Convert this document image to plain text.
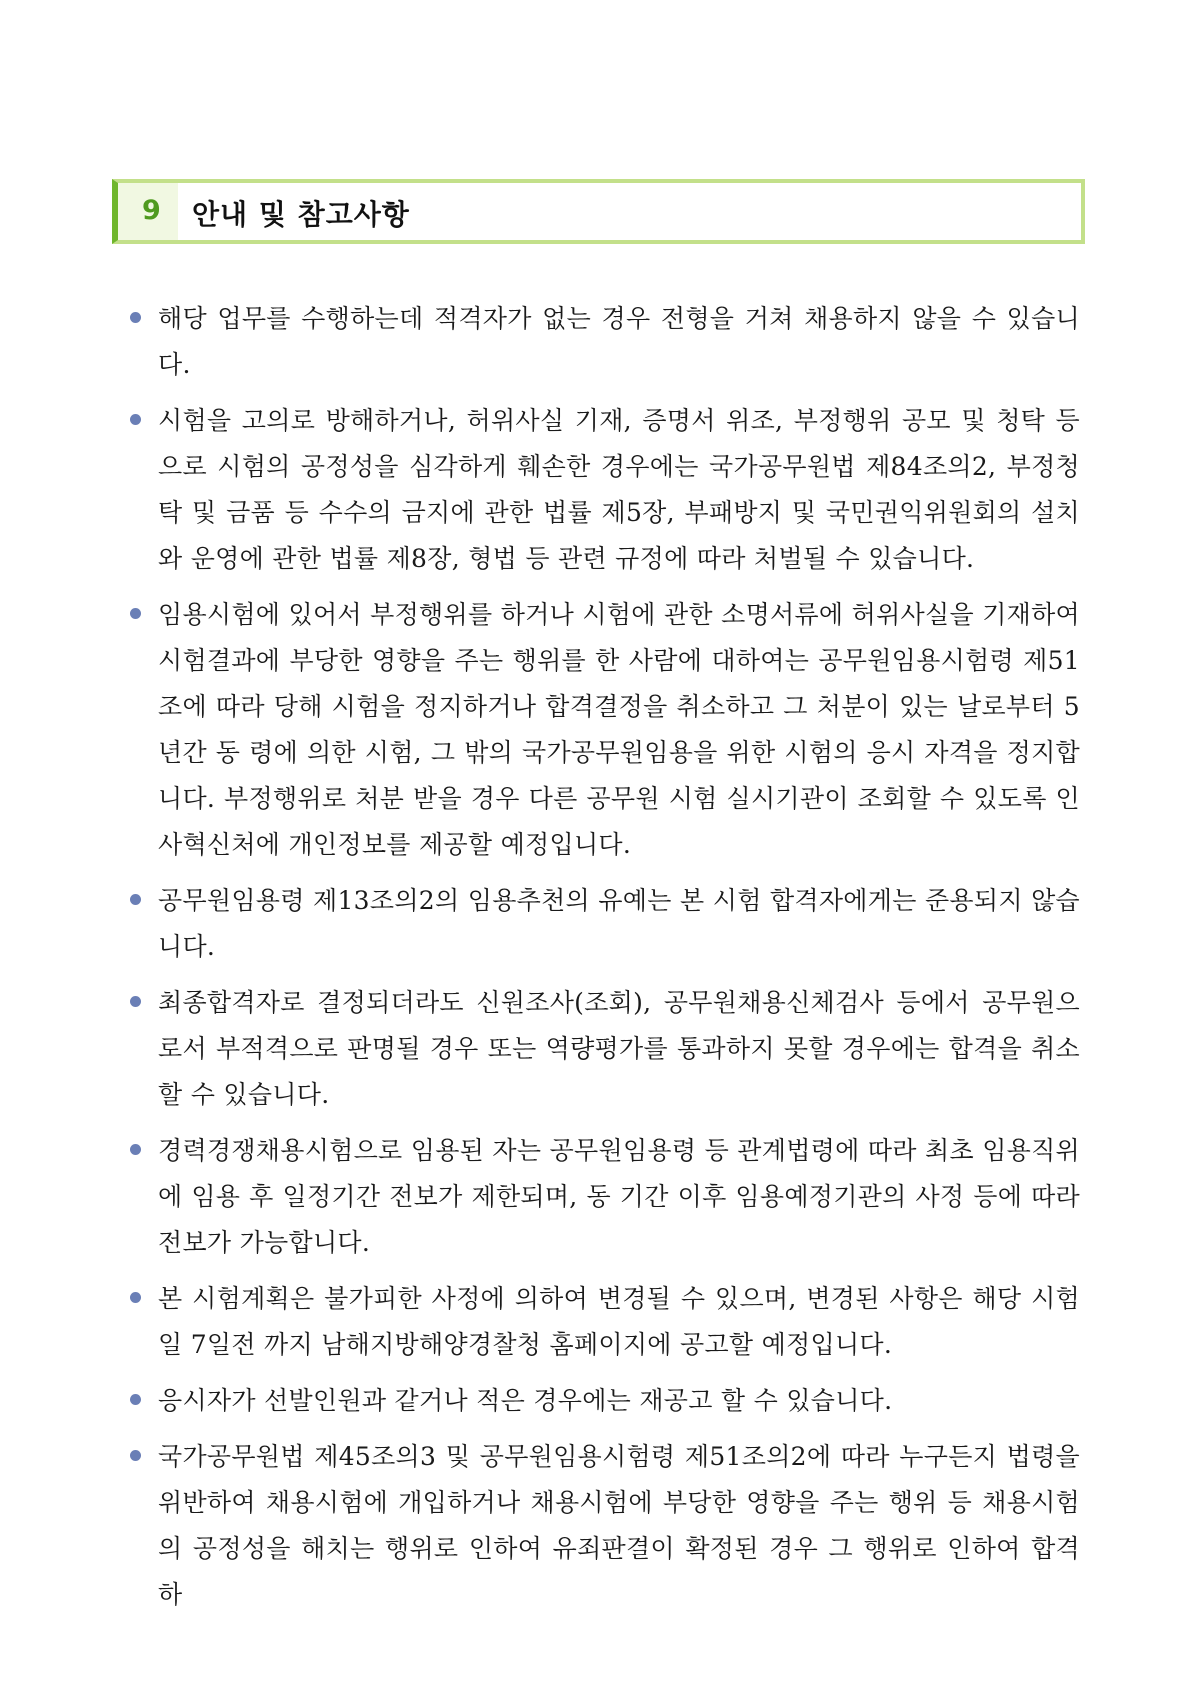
9 안내 및 참고사항
해당 업무를 수행하는데 적격자가 없는 경우 전형을 거쳐 채용하지 않을 수 있습니다.
시험을 고의로 방해하거나, 허위사실 기재, 증명서 위조, 부정행위 공모 및 청탁 등으로 시험의 공정성을 심각하게 훼손한 경우에는 국가공무원법 제84조의2, 부정청탁 및 금품 등 수수의 금지에 관한 법률 제5장, 부패방지 및 국민권익위원회의 설치와 운영에 관한 법률 제8장, 형법 등 관련 규정에 따라 처벌될 수 있습니다.
임용시험에 있어서 부정행위를 하거나 시험에 관한 소명서류에 허위사실을 기재하여 시험결과에 부당한 영향을 주는 행위를 한 사람에 대하여는 공무원임용시험령 제51조에 따라 당해 시험을 정지하거나 합격결정을 취소하고 그 처분이 있는 날로부터 5년간 동 령에 의한 시험, 그 밖의 국가공무원임용을 위한 시험의 응시 자격을 정지합니다. 부정행위로 처분 받을 경우 다른 공무원 시험 실시기관이 조회할 수 있도록 인사혁신처에 개인정보를 제공할 예정입니다.
공무원임용령 제13조의2의 임용추천의 유예는 본 시험 합격자에게는 준용되지 않습니다.
최종합격자로 결정되더라도 신원조사(조회), 공무원채용신체검사 등에서 공무원으로서 부적격으로 판명될 경우 또는 역량평가를 통과하지 못할 경우에는 합격을 취소할 수 있습니다.
경력경쟁채용시험으로 임용된 자는 공무원임용령 등 관계법령에 따라 최초 임용직위에 임용 후 일정기간 전보가 제한되며, 동 기간 이후 임용예정기관의 사정 등에 따라 전보가 가능합니다.
본 시험계획은 불가피한 사정에 의하여 변경될 수 있으며, 변경된 사항은 해당 시험일 7일전 까지 남해지방해양경찰청 홈페이지에 공고할 예정입니다.
응시자가 선발인원과 같거나 적은 경우에는 재공고 할 수 있습니다.
국가공무원법 제45조의3 및 공무원임용시험령 제51조의2에 따라 누구든지 법령을 위반하여 채용시험에 개입하거나 채용시험에 부당한 영향을 주는 행위 등 채용시험의 공정성을 해치는 행위로 인하여 유죄판결이 확정된 경우 그 행위로 인하여 합격하
